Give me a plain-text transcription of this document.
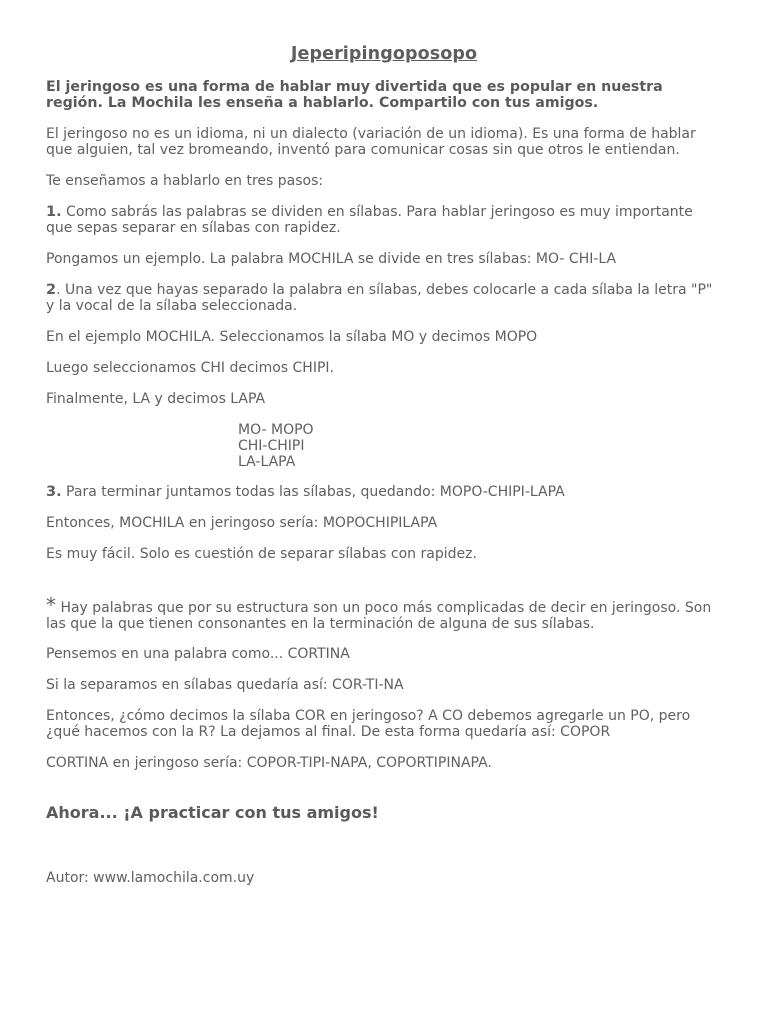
Jeperipingoposopo
El jeringoso es una forma de hablar muy divertida que es popular en nuestra región. La Mochila les enseña a hablarlo. Compartilo con tus amigos.
El jeringoso no es un idioma, ni un dialecto (variación de un idioma). Es una forma de hablar que alguien, tal vez bromeando, inventó para comunicar cosas sin que otros le entiendan.
Te enseñamos a hablarlo en tres pasos:
1. Como sabrás las palabras se dividen en sílabas. Para hablar jeringoso es muy importante que sepas separar en sílabas con rapidez.
Pongamos un ejemplo. La palabra MOCHILA se divide en tres sílabas: MO- CHI-LA
2. Una vez que hayas separado la palabra en sílabas, debes colocarle a cada sílaba la letra "P" y la vocal de la sílaba seleccionada.
En el ejemplo MOCHILA. Seleccionamos la sílaba MO y decimos MOPO
Luego seleccionamos CHI decimos CHIPI.
Finalmente, LA y decimos LAPA
MO- MOPO
CHI-CHIPI
LA-LAPA
3. Para terminar juntamos todas las sílabas, quedando: MOPO-CHIPI-LAPA
Entonces, MOCHILA en jeringoso sería: MOPOCHIPILAPA
Es muy fácil. Solo es cuestión de separar sílabas con rapidez.
* Hay palabras que por su estructura son un poco más complicadas de decir en jeringoso. Son las que la que tienen consonantes en la terminación de alguna de sus sílabas.
Pensemos en una palabra como... CORTINA
Si la separamos en sílabas quedaría así: COR-TI-NA
Entonces, ¿cómo decimos la sílaba COR en jeringoso? A CO debemos agregarle un PO, pero ¿qué hacemos con la R? La dejamos al final. De esta forma quedaría así: COPOR
CORTINA en jeringoso sería: COPOR-TIPI-NAPA, COPORTIPINAPA.
Ahora... ¡A practicar con tus amigos!
Autor: www.lamochila.com.uy
